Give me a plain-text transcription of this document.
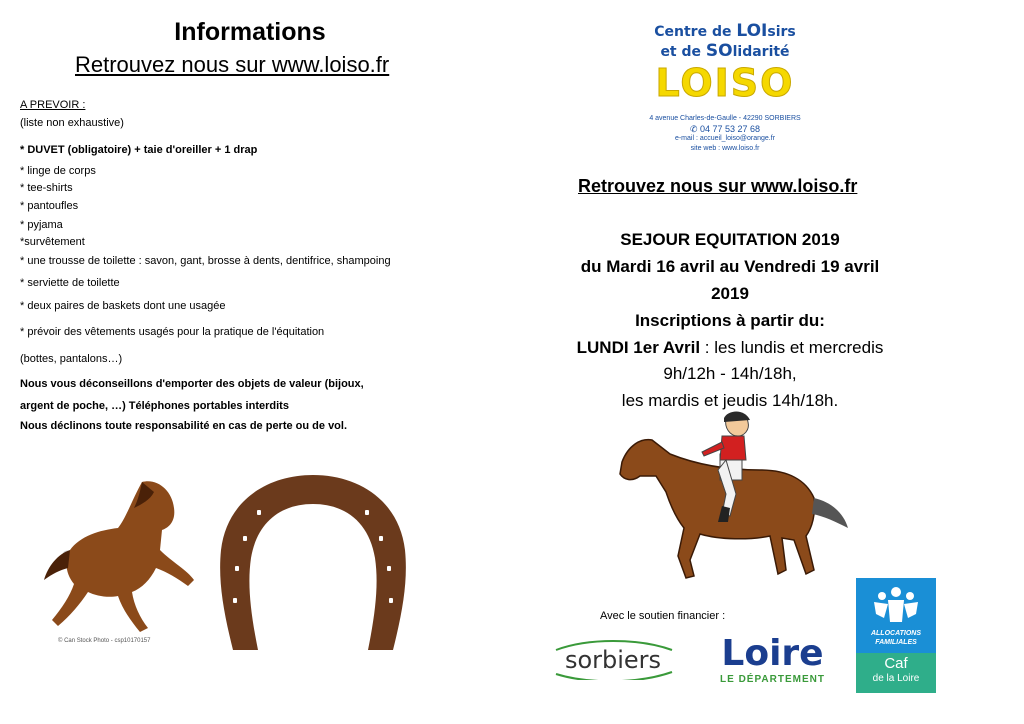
Informations
Retrouvez nous sur www.loiso.fr
A PREVOIR :
(liste non exhaustive)
* DUVET (obligatoire) + taie d'oreiller + 1 drap
* linge de corps
* tee-shirts
* pantoufles
* pyjama
*survêtement
* une trousse de toilette : savon, gant, brosse à dents, dentifrice, shampoing
* serviette de toilette
* deux paires de baskets dont une usagée
* prévoir des vêtements usagés pour la pratique de l'équitation
(bottes, pantalons…)
Nous vous déconseillons d'emporter des objets de valeur (bijoux,
argent de poche, …) Téléphones portables interdits
Nous déclinons toute responsabilité en cas de perte ou de vol.
© Can Stock Photo - csp10170157
Centre de LOIsirs
et de SOlidarité
LOISO
4 avenue Charles-de-Gaulle - 42290 SORBIERS
✆ 04 77 53 27 68
e-mail : accueil_loiso@orange.fr
site web : www.loiso.fr
Retrouvez nous sur www.loiso.fr
SEJOUR EQUITATION 2019
du Mardi 16 avril au Vendredi 19 avril
2019
Inscriptions à partir du:
LUNDI 1er Avril : les lundis et mercredis
9h/12h - 14h/18h,
les mardis et jeudis 14h/18h.
Avec le soutien financier :
sorbiers	Loire
LE DÉPARTEMENT
ALLOCATIONS
FAMILIALES
Caf
de la Loire
